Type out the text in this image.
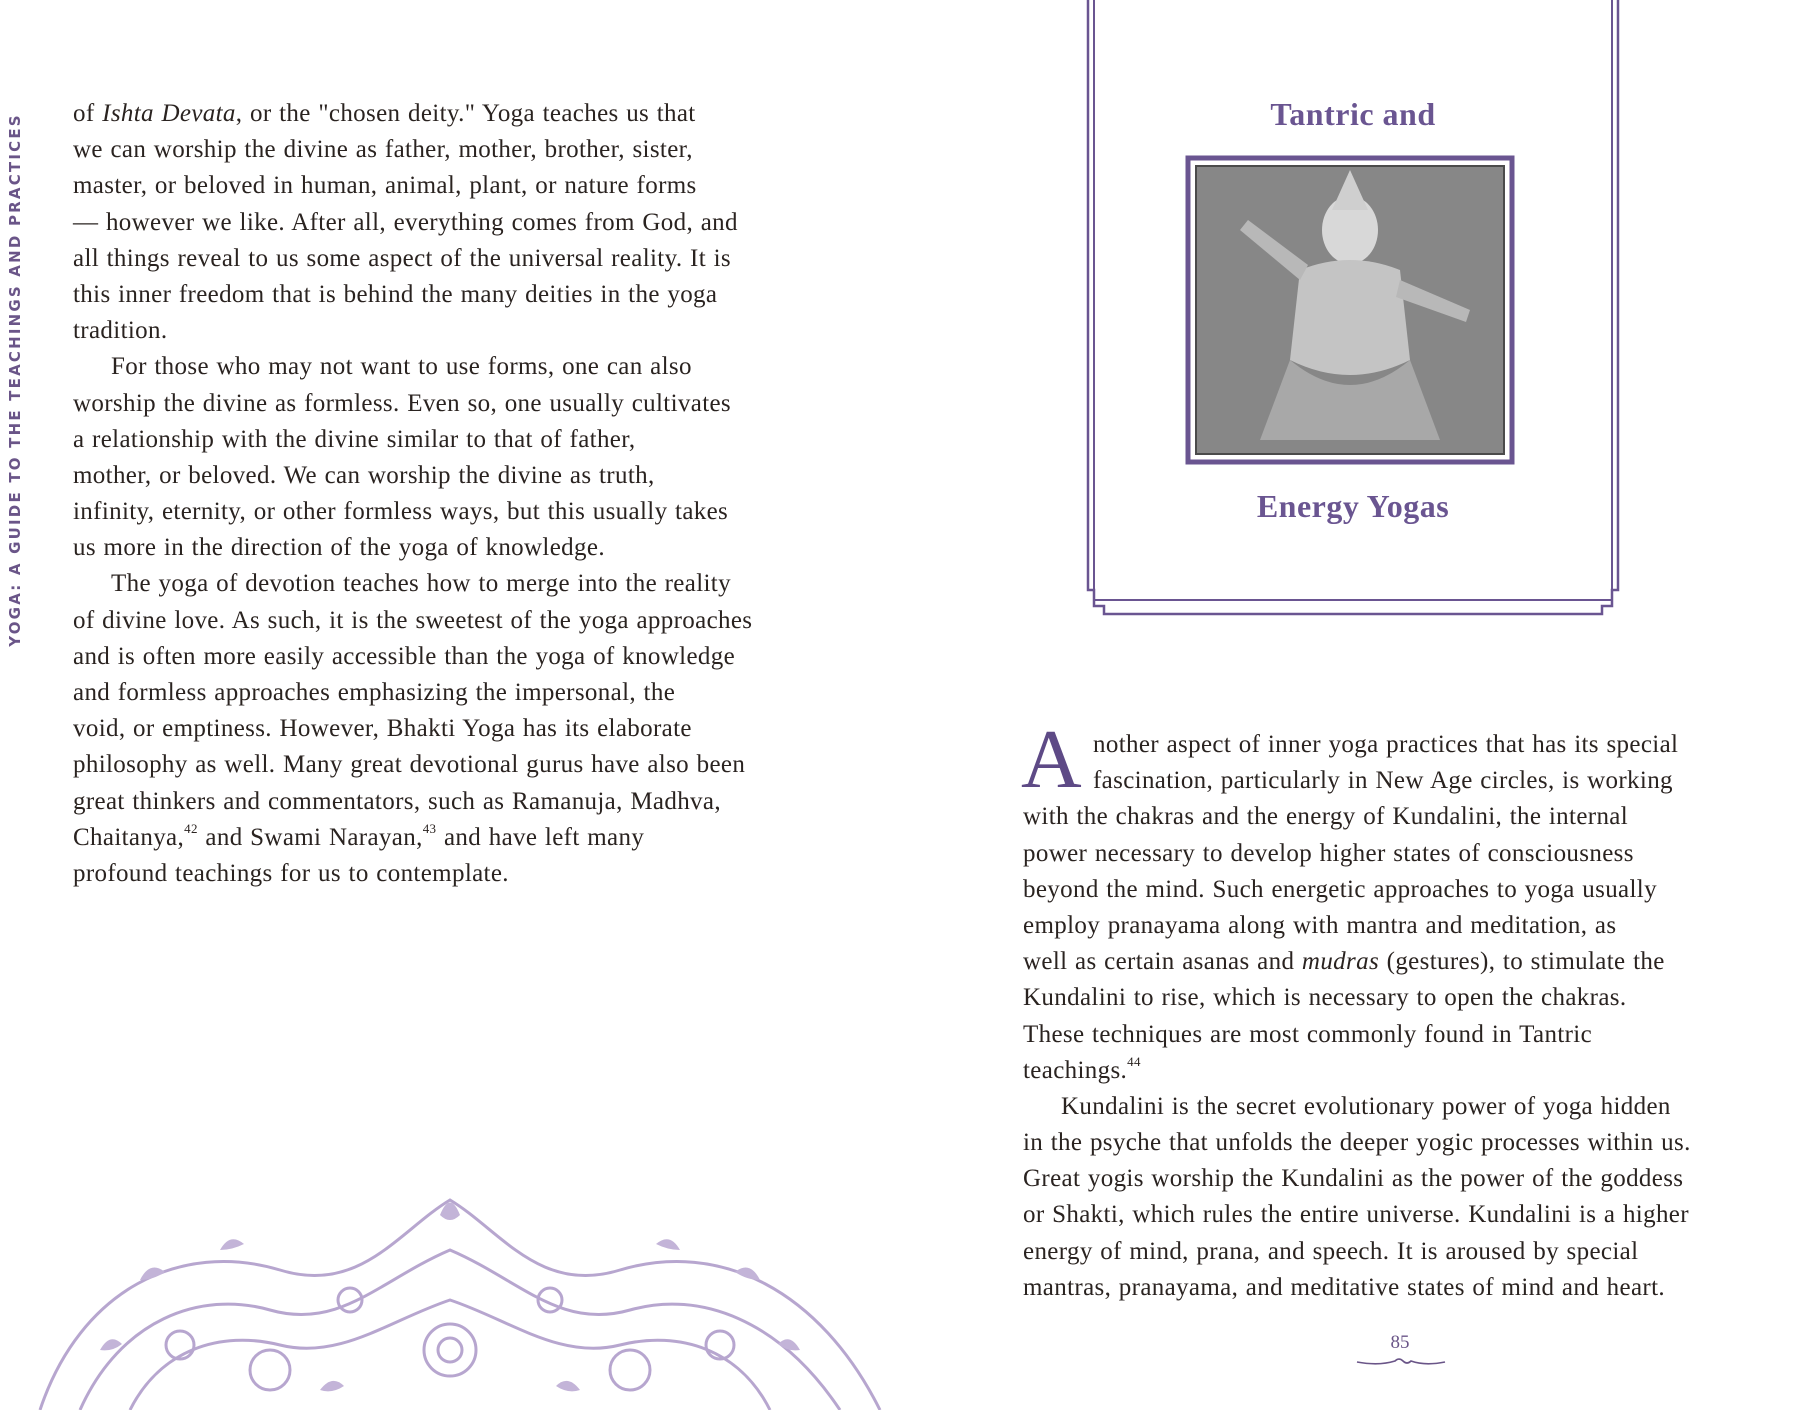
YOGA: A GUIDE TO THE TEACHINGS AND PRACTICES of Ishta Devata, or the "chosen deity." Yoga teaches us that
we can worship the divine as father, mother, brother, sister,
master, or beloved in human, animal, plant, or nature forms
— however we like. After all, everything comes from God, and
all things reveal to us some aspect of the universal reality. It is
this inner freedom that is behind the many deities in the yoga
tradition.
For those who may not want to use forms, one can also
worship the divine as formless. Even so, one usually cultivates
a relationship with the divine similar to that of father,
mother, or beloved. We can worship the divine as truth,
infinity, eternity, or other formless ways, but this usually takes
us more in the direction of the yoga of knowledge.
The yoga of devotion teaches how to merge into the reality
of divine love. As such, it is the sweetest of the yoga approaches
and is often more easily accessible than the yoga of knowledge
and formless approaches emphasizing the impersonal, the
void, or emptiness. However, Bhakti Yoga has its elaborate
philosophy as well. Many great devotional gurus have also been
great thinkers and commentators, such as Ramanuja, Madhva,
Chaitanya,$^{42}$ and Swami Narayan,$^{43}$ and have left many
profound teachings for us to contemplate.
Tantric and
Energy Yogas
A nother aspect of inner yoga practices that has its special
fascination, particularly in New Age circles, is working
with the chakras and the energy of Kundalini, the internal
power necessary to develop higher states of consciousness
beyond the mind. Such energetic approaches to yoga usually
employ pranayama along with mantra and meditation, as
well as certain asanas and mudras (gestures), to stimulate the
Kundalini to rise, which is necessary to open the chakras.
These techniques are most commonly found in Tantric
teachings.$^{44}$
Kundalini is the secret evolutionary power of yoga hidden
in the psyche that unfolds the deeper yogic processes within us.
Great yogis worship the Kundalini as the power of the goddess
or Shakti, which rules the entire universe. Kundalini is a higher
energy of mind, prana, and speech. It is aroused by special
mantras, pranayama, and meditative states of mind and heart.
85
